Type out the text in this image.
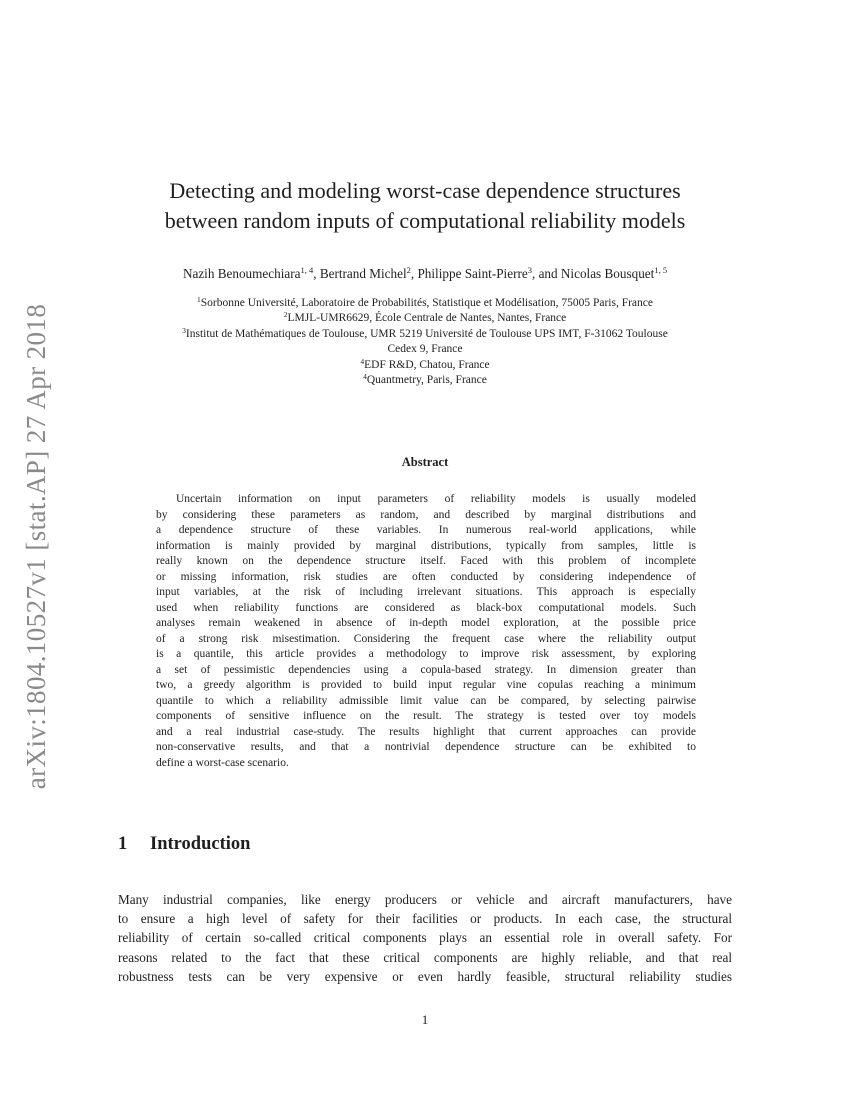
arXiv:1804.10527v1 [stat.AP] 27 Apr 2018
Detecting and modeling worst-case dependence structures
between random inputs of computational reliability models
Nazih Benoumechiara$^{1, 4}$, Bertrand Michel$^2$, Philippe Saint-Pierre$^3$, and Nicolas Bousquet$^{1, 5}$
$^1$Sorbonne Université, Laboratoire de Probabilités, Statistique et Modélisation, 75005 Paris, France
$^2$LMJL-UMR6629, École Centrale de Nantes, Nantes, France
$^3$Institut de Mathématiques de Toulouse, UMR 5219 Université de Toulouse UPS IMT, F-31062 Toulouse
Cedex 9, France
$^4$EDF R&D, Chatou, France
$^4$Quantmetry, Paris, France
Abstract
Uncertain information on input parameters of reliability models is usually modeled
by considering these parameters as random, and described by marginal distributions and
a dependence structure of these variables. In numerous real-world applications, while
information is mainly provided by marginal distributions, typically from samples, little is
really known on the dependence structure itself. Faced with this problem of incomplete
or missing information, risk studies are often conducted by considering independence of
input variables, at the risk of including irrelevant situations. This approach is especially
used when reliability functions are considered as black-box computational models. Such
analyses remain weakened in absence of in-depth model exploration, at the possible price
of a strong risk misestimation. Considering the frequent case where the reliability output
is a quantile, this article provides a methodology to improve risk assessment, by exploring
a set of pessimistic dependencies using a copula-based strategy. In dimension greater than
two, a greedy algorithm is provided to build input regular vine copulas reaching a minimum
quantile to which a reliability admissible limit value can be compared, by selecting pairwise
components of sensitive influence on the result. The strategy is tested over toy models
and a real industrial case-study. The results highlight that current approaches can provide
non-conservative results, and that a nontrivial dependence structure can be exhibited to
define a worst-case scenario.
1 Introduction
Many industrial companies, like energy producers or vehicle and aircraft manufacturers, have
to ensure a high level of safety for their facilities or products. In each case, the structural
reliability of certain so-called critical components plays an essential role in overall safety. For
reasons related to the fact that these critical components are highly reliable, and that real
robustness tests can be very expensive or even hardly feasible, structural reliability studies
1
